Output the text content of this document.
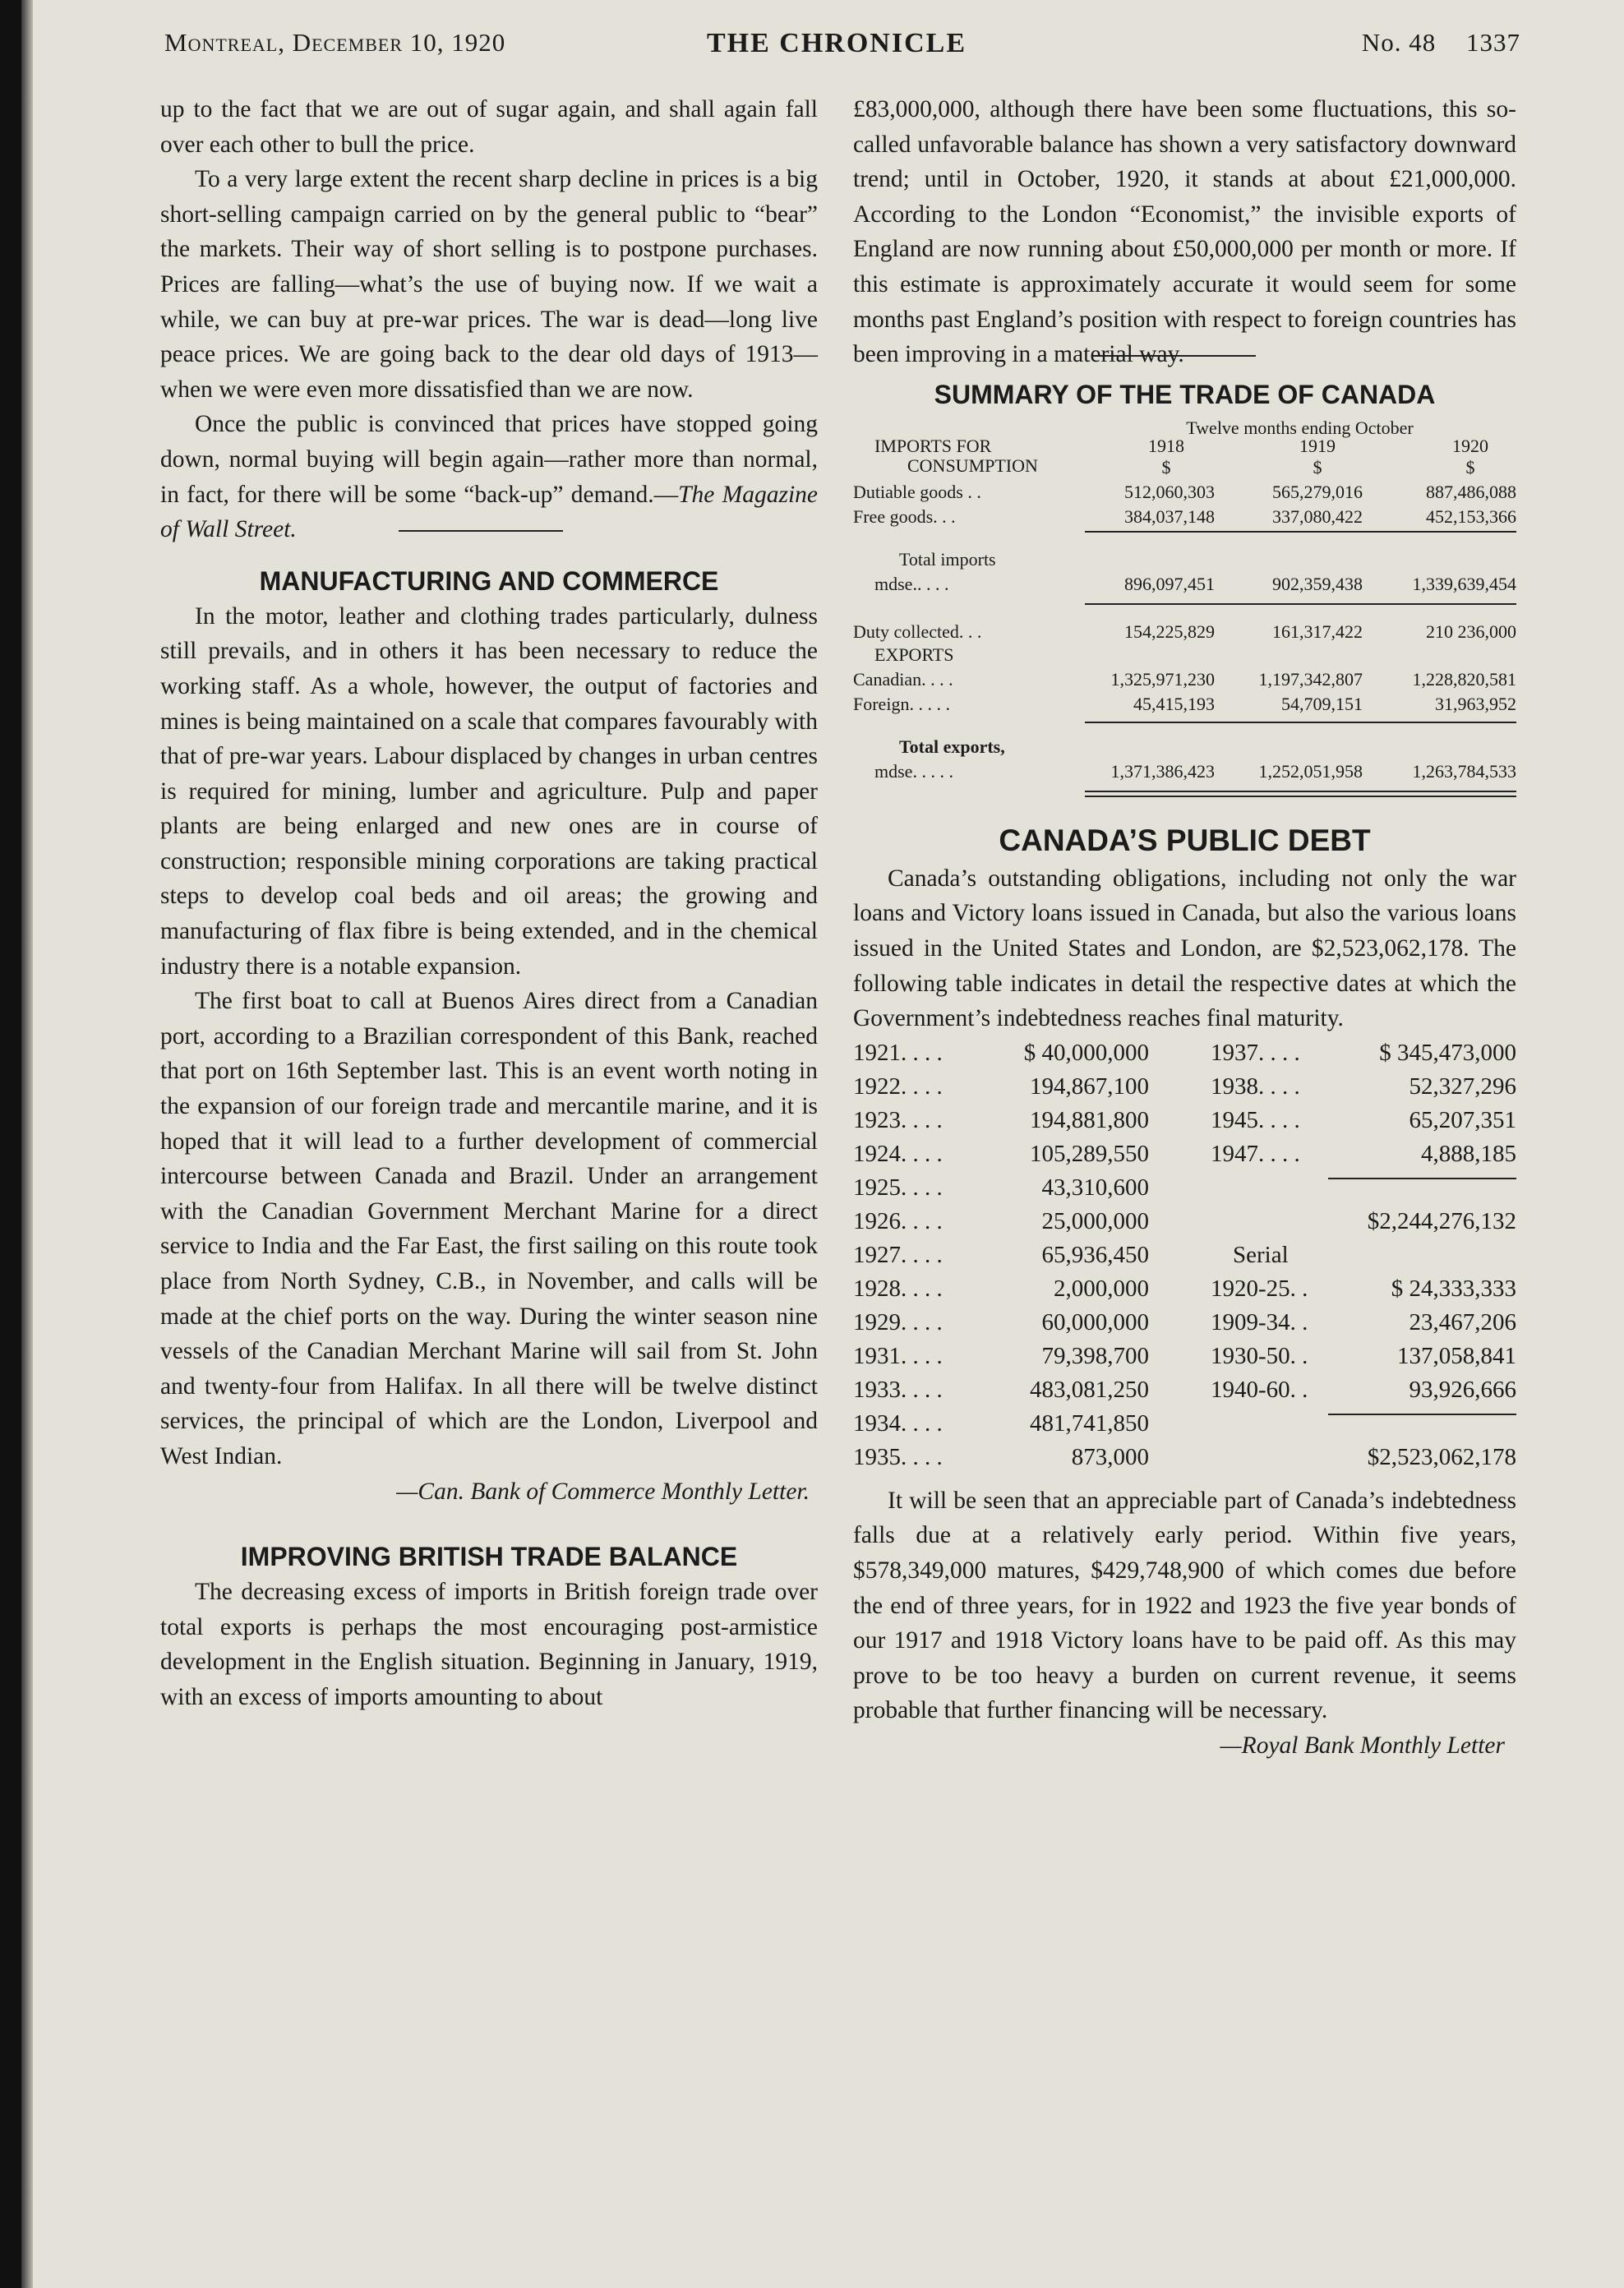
Montreal, December 10, 1920	THE CHRONICLE	No. 48 1337

up to the fact that we are out of sugar again, and shall again fall over each other to bull the price.

To a very large extent the recent sharp decline in prices is a big short-selling campaign carried on by the general public to “bear” the markets. Their way of short selling is to postpone purchases. Prices are falling—what’s the use of buying now. If we wait a while, we can buy at pre-war prices. The war is dead—long live peace prices. We are going back to the dear old days of 1913—when we were even more dissatisfied than we are now.

Once the public is convinced that prices have stopped going down, normal buying will begin again—rather more than normal, in fact, for there will be some “back-up” demand.—The Magazine of Wall Street.

MANUFACTURING AND COMMERCE

In the motor, leather and clothing trades particularly, dulness still prevails, and in others it has been necessary to reduce the working staff. As a whole, however, the output of factories and mines is being maintained on a scale that compares favourably with that of pre-war years. Labour displaced by changes in urban centres is required for mining, lumber and agriculture. Pulp and paper plants are being enlarged and new ones are in course of construction; responsible mining corporations are taking practical steps to develop coal beds and oil areas; the growing and manufacturing of flax fibre is being extended, and in the chemical industry there is a notable expansion.

The first boat to call at Buenos Aires direct from a Canadian port, according to a Brazilian correspondent of this Bank, reached that port on 16th September last. This is an event worth noting in the expansion of our foreign trade and mercantile marine, and it is hoped that it will lead to a further development of commercial intercourse between Canada and Brazil. Under an arrangement with the Canadian Government Merchant Marine for a direct service to India and the Far East, the first sailing on this route took place from North Sydney, C.B., in November, and calls will be made at the chief ports on the way. During the winter season nine vessels of the Canadian Merchant Marine will sail from St. John and twenty-four from Halifax. In all there will be twelve distinct services, the principal of which are the London, Liverpool and West Indian.

—Can. Bank of Commerce Monthly Letter.

IMPROVING BRITISH TRADE BALANCE

The decreasing excess of imports in British foreign trade over total exports is perhaps the most encouraging post-armistice development in the English situation. Beginning in January, 1919, with an excess of imports amounting to about

£83,000,000, although there have been some fluctuations, this so-called unfavorable balance has shown a very satisfactory downward trend; until in October, 1920, it stands at about £21,000,000. According to the London “Economist,” the invisible exports of England are now running about £50,000,000 per month or more. If this estimate is approximately accurate it would seem for some months past England’s position with respect to foreign countries has been improving in a material way.

SUMMARY OF THE TRADE OF CANADA
Twelve months ending October
IMPORTS FOR
CONSUMPTION
1918	1919	1920
$	$	$
Dutiable goods . .	512,060,303	565,279,016	887,486,088
Free goods. . .	384,037,148	337,080,422	452,153,366
Total imports
mdse.. . . .	896,097,451	902,359,438	1,339,639,454
Duty collected. . .	154,225,829	161,317,422	210 236,000
EXPORTS
Canadian. . . .	1,325,971,230	1,197,342,807	1,228,820,581
Foreign. . . . .	45,415,193	54,709,151	31,963,952
Total exports,
mdse. . . . .	1,371,386,423	1,252,051,958	1,263,784,533
CANADA’S PUBLIC DEBT

Canada’s outstanding obligations, including not only the war loans and Victory loans issued in Canada, but also the various loans issued in the United States and London, are $2,523,062,178. The following table indicates in detail the respective dates at which the Government’s indebtedness reaches final maturity.

1921. . . .	$ 40,000,000
1922. . . .	194,867,100
1923. . . .	194,881,800
1924. . . .	105,289,550
1925. . . .	43,310,600
1926. . . .	25,000,000
1927. . . .	65,936,450
1928. . . .	2,000,000
1929. . . .	60,000,000
1931. . . .	79,398,700
1933. . . .	483,081,250
1934. . . .	481,741,850
1935. . . .	873,000
1937. . . .	$ 345,473,000
1938. . . .	52,327,296
1945. . . .	65,207,351
1947. . . .	4,888,185
$2,244,276,132
Serial
1920-25. .	$ 24,333,333
1909-34. .	23,467,206
1930-50. .	137,058,841
1940-60. .	93,926,666
$2,523,062,178

It will be seen that an appreciable part of Canada’s indebtedness falls due at a relatively early period. Within five years, $578,349,000 matures, $429,748,900 of which comes due before the end of three years, for in 1922 and 1923 the five year bonds of our 1917 and 1918 Victory loans have to be paid off. As this may prove to be too heavy a burden on current revenue, it seems probable that further financing will be necessary.

—Royal Bank Monthly Letter
